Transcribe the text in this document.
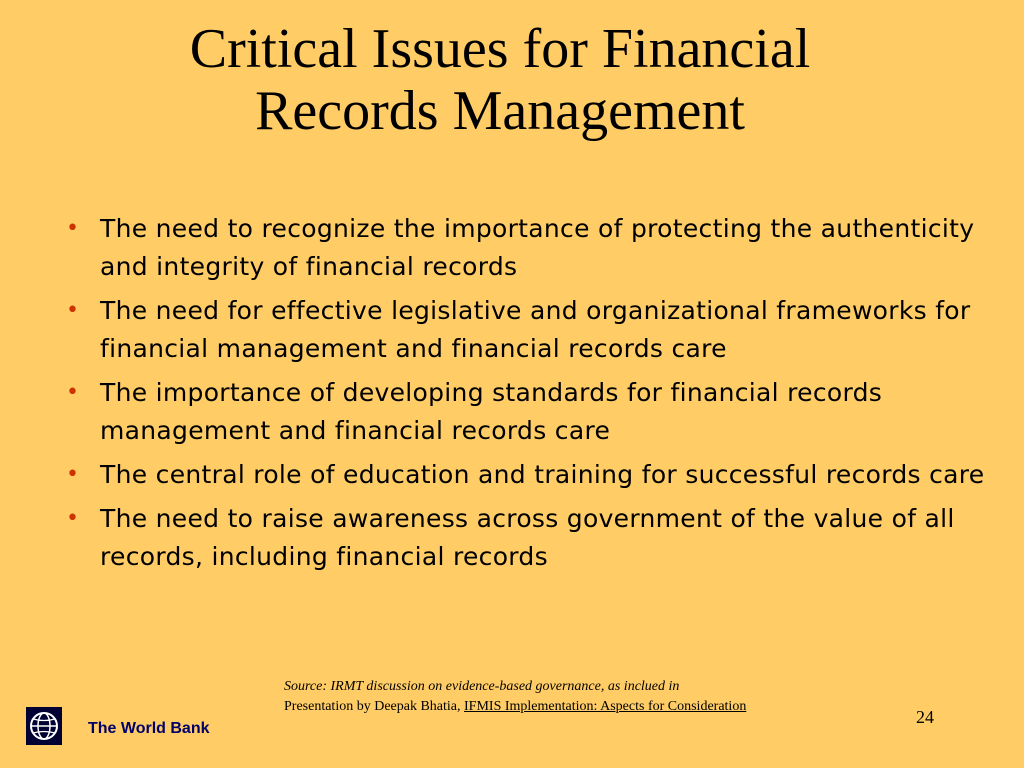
Critical Issues for Financial
Records Management
• The need to recognize the importance of protecting the authenticity and integrity of financial records
• The need for effective legislative and organizational frameworks for financial management and financial records care
• The importance of developing standards for financial records management and financial records care
• The central role of education and training for successful records care
• The need to raise awareness across government of the value of all records, including financial records
Source: IRMT discussion on evidence-based governance, as inclued in
Presentation by Deepak Bhatia, IFMIS Implementation: Aspects for Consideration
24
The World Bank
